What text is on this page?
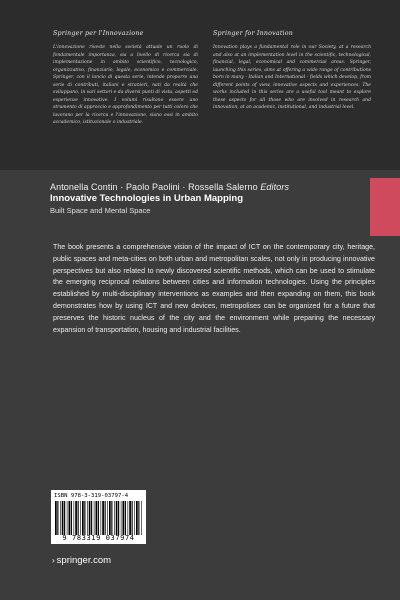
Springer per l'Innovazione
L'innovazione riveste nella società attuale un ruolo di fondamentale importanza, sia a livello di ricerca sia di implementazione in ambito scientifico, tecnologico, organizzativo, finanziario, legale, economico e commerciale. Springer, con il lancio di questa serie, intende proporre una serie di contributi, italiani e stranieri, nati da realtà che sviluppano, in vari settori e da diversi punti di vista, aspetti ed esperienze innovative. I volumi risultano essere uno strumento di approccio e approfondimento per tutti coloro che lavorano per la ricerca e l'innovazione, siano essi in ambito accademico, istituzionale o industriale.
Springer for Innovation
Innovation plays a fundamental role in our Society, at a research and also at an implementation level in the scientific, technological, financial, legal, economical and commercial areas. Springer, launching this series, aims at offering a wide range of contributions born in many - Italian and International - fields which develop, from different points of view, innovative aspects and experiences. The works included in this series are a useful tool meant to explore these aspects for all those who are involved in research and innovation, at an academic, institutional, and industrial level.
Antonella Contin · Paolo Paolini · Rossella Salerno Editors
Innovative Technologies in Urban Mapping
Built Space and Mental Space
The book presents a comprehensive vision of the impact of ICT on the contemporary city, heritage, public spaces and meta-cities on both urban and metropolitan scales, not only in producing innovative perspectives but also related to newly discovered scientific methods, which can be used to stimulate the emerging reciprocal relations between cities and information technologies. Using the principles established by multi-disciplinary interventions as examples and then expanding on them, this book demonstrates how by using ICT and new devices, metropolises can be organized for a future that preserves the historic nucleus of the city and the environment while preparing the necessary expansion of transportation, housing and industrial facilities.
ISBN 978-3-319-03797-4
9 783319 037974
› springer.com
